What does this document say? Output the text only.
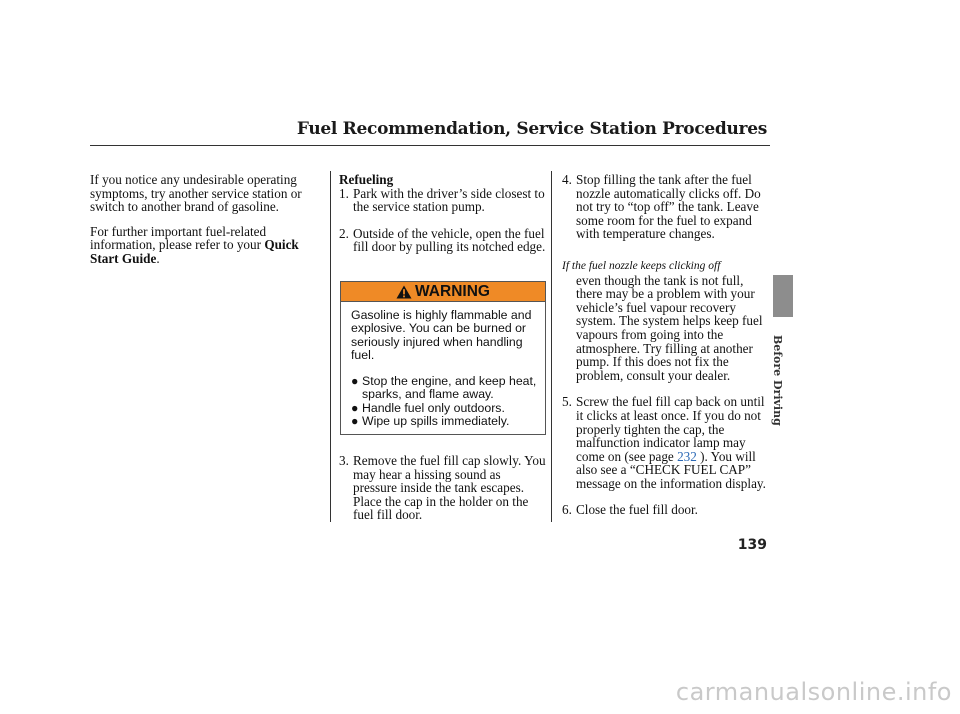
Fuel Recommendation, Service Station Procedures

If you notice any undesirable operating symptoms, try another service station or switch to another brand of gasoline.

For further important fuel-related information, please refer to your Quick Start Guide.

Refueling

1. Park with the driver’s side closest to the service station pump.
2. Outside of the vehicle, open the fuel fill door by pulling its notched edge.
3. Remove the fuel fill cap slowly. You may hear a hissing sound as pressure inside the tank escapes. Place the cap in the holder on the fuel fill door.
WARNING

Gasoline is highly flammable and explosive. You can be burned or seriously injured when handling fuel.

● Stop the engine, and keep heat, sparks, and flame away.
● Handle fuel only outdoors.
● Wipe up spills immediately.
4. Stop filling the tank after the fuel nozzle automatically clicks off. Do not try to “top off” the tank. Leave some room for the fuel to expand with temperature changes.

If the fuel nozzle keeps clicking off

even though the tank is not full, there may be a problem with your vehicle’s fuel vapour recovery system. The system helps keep fuel vapours from going into the atmosphere. Try filling at another pump. If this does not fix the problem, consult your dealer.

5. Screw the fuel fill cap back on until it clicks at least once. If you do not properly tighten the cap, the malfunction indicator lamp may come on (see page 232 ). You will also see a “CHECK FUEL CAP” message on the information display.
6. Close the fuel fill door.
Before Driving
139
carmanualsonline.info
